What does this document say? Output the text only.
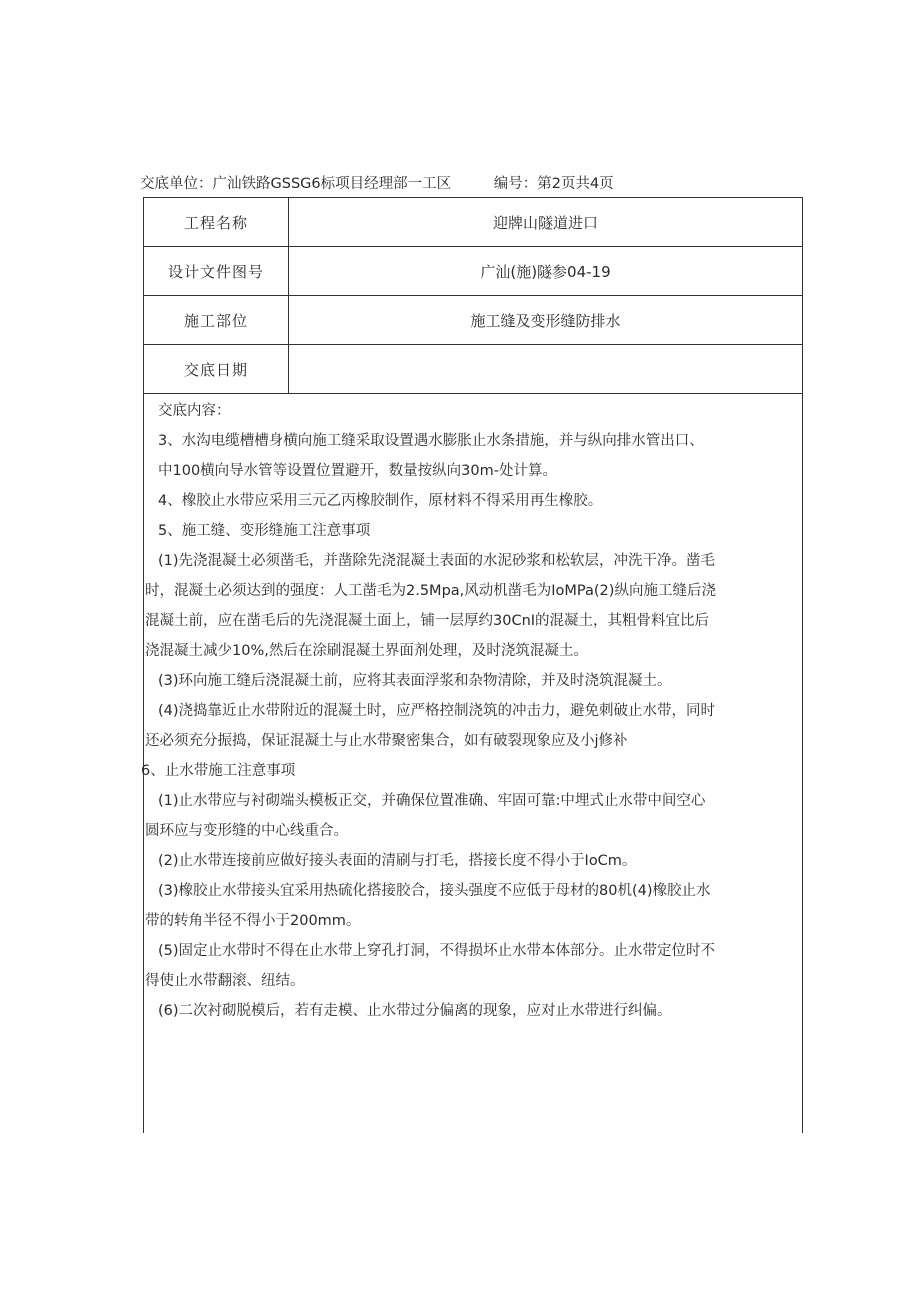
交底单位：广汕铁路GSSG6标项目经理部一工区	编号：第2页共4页
工程名称	迎牌山隧道进口
设计文件图号	广汕(施)隧参04-19
施工部位	施工缝及变形缝防排水
交底日期

交底内容：

3、水沟电缆槽槽身横向施工缝采取设置遇水膨胀止水条措施，并与纵向排水管出口、

中100横向导水管等设置位置避开，数量按纵向30m-处计算。

4、橡胶止水带应采用三元乙丙橡胶制作，原材料不得采用再生橡胶。

5、施工缝、变形缝施工注意事项

(1)先浇混凝土必须凿毛，并凿除先浇混凝土表面的水泥砂浆和松软层，冲洗干净。凿毛

时，混凝土必须达到的强度：人工凿毛为2.5Mpa,风动机凿毛为IoMPa(2)纵向施工缝后浇

混凝土前，应在凿毛后的先浇混凝土面上，铺一层厚约30CnI的混凝土，其粗骨料宜比后

浇混凝土减少10%,然后在涂刷混凝土界面剂处理，及时浇筑混凝土。

(3)环向施工缝后浇混凝土前，应将其表面浮浆和杂物清除，并及时浇筑混凝土。

(4)浇捣靠近止水带附近的混凝土时，应严格控制浇筑的冲击力，避免刺破止水带，同时

还必须充分振捣，保证混凝土与止水带聚密集合，如有破裂现象应及小j修补

6、止水带施工注意事项

(1)止水带应与衬砌端头模板正交，并确保位置准确、牢固可靠:中埋式止水带中间空心

圆环应与变形缝的中心线重合。

(2)止水带连接前应做好接头表面的清刷与打毛，搭接长度不得小于IoCm。

(3)橡胶止水带接头宜采用热硫化搭接胶合，接头强度不应低于母材的80机(4)橡胶止水

带的转角半径不得小于200mm。

(5)固定止水带时不得在止水带上穿孔打洞，不得损坏止水带本体部分。止水带定位时不

得使止水带翻滚、纽结。

(6)二次衬砌脱模后，若有走模、止水带过分偏离的现象，应对止水带进行纠偏。
